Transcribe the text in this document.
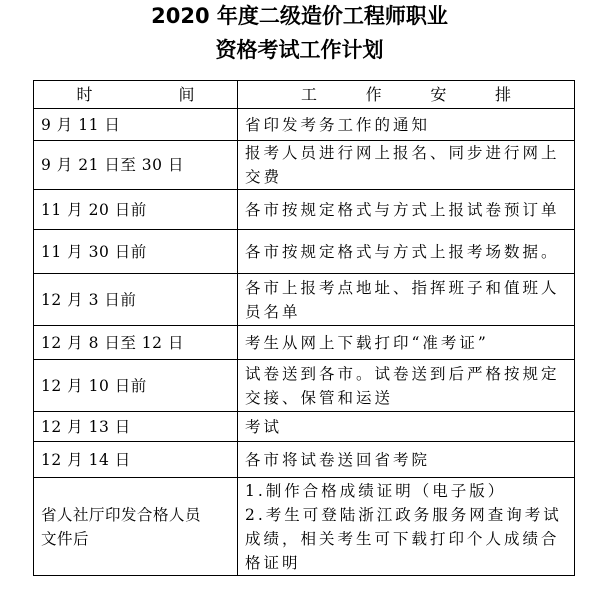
2020 年度二级造价工程师职业
资格考试工作计划
时 间	工 作 安 排

9 月 11 日	省印发考务工作的通知

9 月 21 日至 30 日	报考人员进行网上报名、同步进行网上
交费

11 月 20 日前	各市按规定格式与方式上报试卷预订单

11 月 30 日前	各市按规定格式与方式上报考场数据。

12 月 3 日前	各市上报考点地址、指挥班子和值班人
员名单

12 月 8 日至 12 日	考生从网上下载打印“准考证”

12 月 10 日前	试卷送到各市。试卷送到后严格按规定
交接、保管和运送

12 月 13 日	考试

12 月 14 日	各市将试卷送回省考院

省人社厅印发合格人员
文件后	1.制作合格成绩证明（电子版）
2.考生可登陆浙江政务服务网查询考试
成绩，相关考生可下载打印个人成绩合
格证明
